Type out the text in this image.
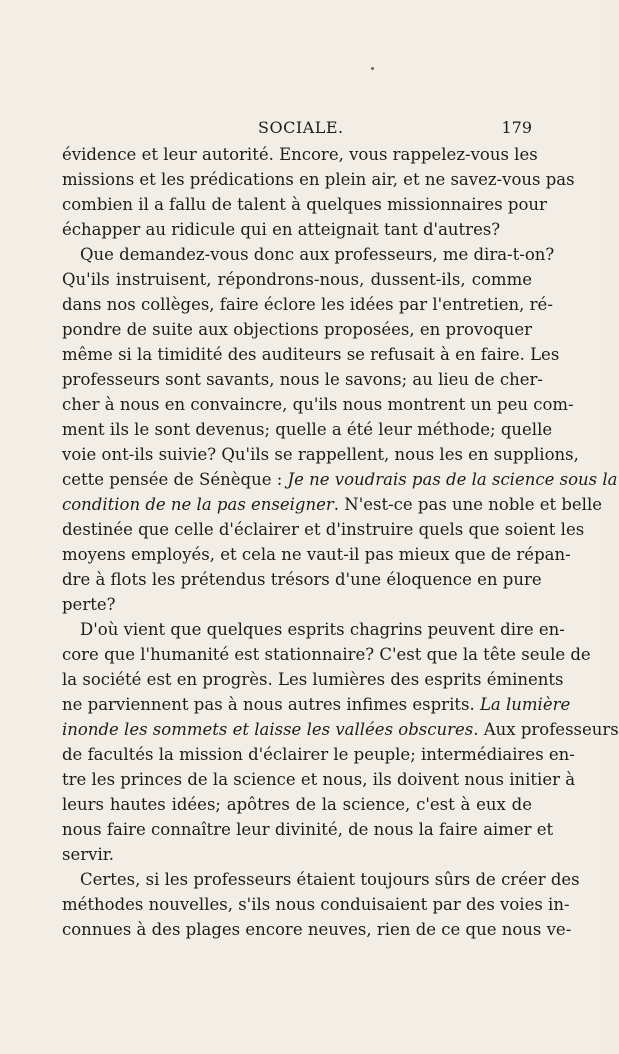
SOCIALE.	179
évidence et leur autorité. Encore, vous rappelez-vous les
missions et les prédications en plein air, et ne savez-vous pas
combien il a fallu de talent à quelques missionnaires pour
échapper au ridicule qui en atteignait tant d'autres?
Que demandez-vous donc aux professeurs, me dira-t-on?
Qu'ils instruisent, répondrons-nous, dussent-ils, comme
dans nos collèges, faire éclore les idées par l'entretien, ré-
pondre de suite aux objections proposées, en provoquer
même si la timidité des auditeurs se refusait à en faire. Les
professeurs sont savants, nous le savons; au lieu de cher-
cher à nous en convaincre, qu'ils nous montrent un peu com-
ment ils le sont devenus; quelle a été leur méthode; quelle
voie ont-ils suivie? Qu'ils se rappellent, nous les en supplions,
cette pensée de Sénèque : Je ne voudrais pas de la science sous la
condition de ne la pas enseigner. N'est-ce pas une noble et belle
destinée que celle d'éclairer et d'instruire quels que soient les
moyens employés, et cela ne vaut-il pas mieux que de répan-
dre à flots les prétendus trésors d'une éloquence en pure
perte?
D'où vient que quelques esprits chagrins peuvent dire en-
core que l'humanité est stationnaire? C'est que la tête seule de
la société est en progrès. Les lumières des esprits éminents
ne parviennent pas à nous autres infimes esprits. La lumière
inonde les sommets et laisse les vallées obscures. Aux professeurs
de facultés la mission d'éclairer le peuple; intermédiaires en-
tre les princes de la science et nous, ils doivent nous initier à
leurs hautes idées; apôtres de la science, c'est à eux de
nous faire connaître leur divinité, de nous la faire aimer et
servir.
Certes, si les professeurs étaient toujours sûrs de créer des
méthodes nouvelles, s'ils nous conduisaient par des voies in-
connues à des plages encore neuves, rien de ce que nous ve-
